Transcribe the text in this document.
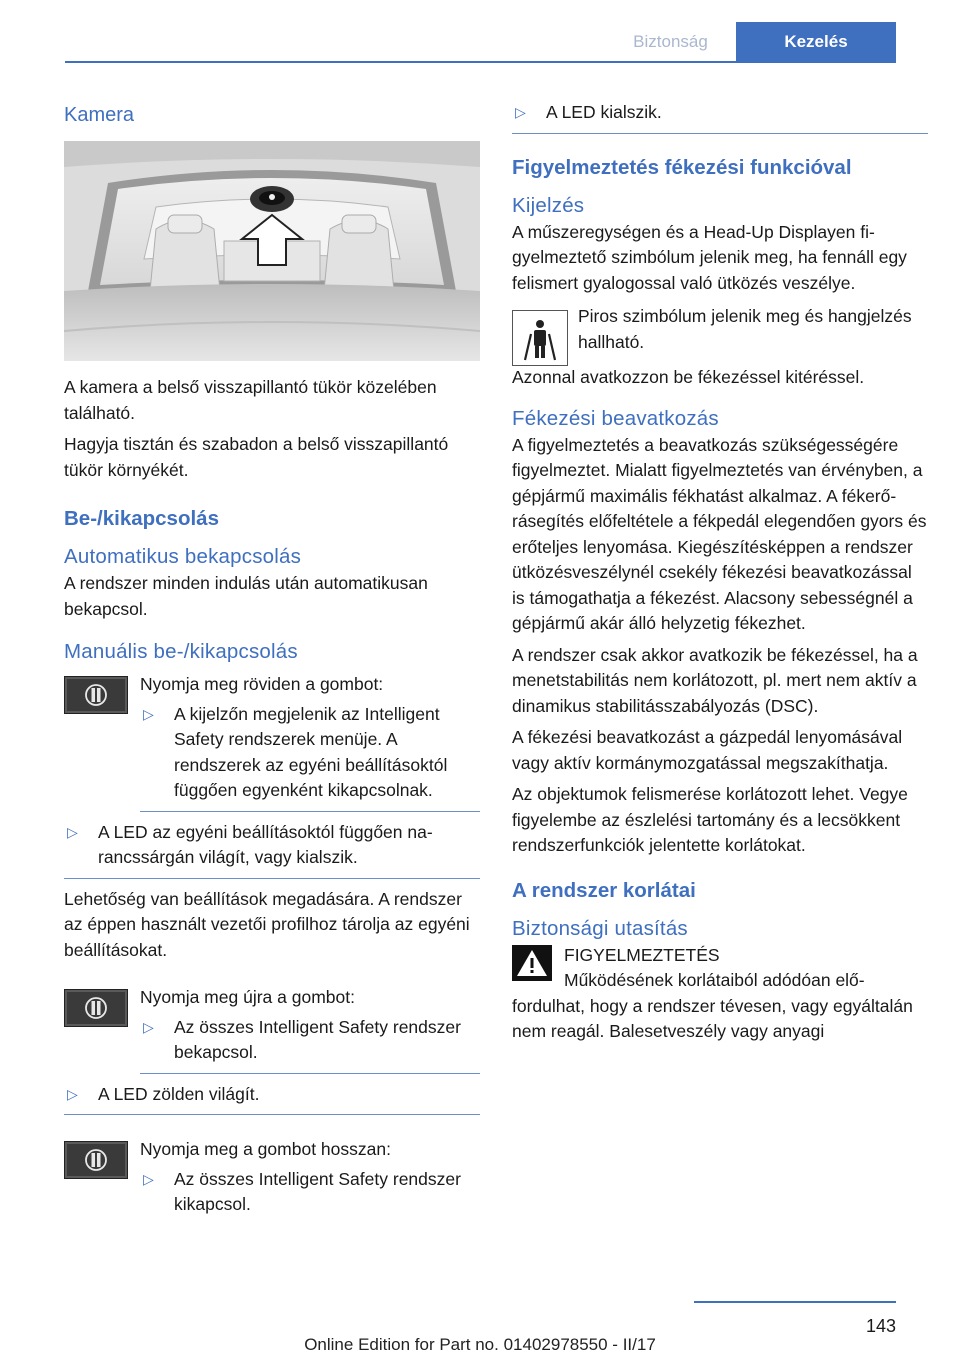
Biztonság	Kezelés
Kamera

A kamera a belső visszapillantó tükör közelében található.

Hagyja tisztán és szabadon a belső visszapillantó tükör környékét.

Be-/kikapcsolás
Automatikus bekapcsolás

A rendszer minden indulás után automatikusan bekapcsol.

Manuális be-/kikapcsolás

Nyomja meg röviden a gombot:

▷ A kijelzőn megjelenik az Intelligent Safety rendszerek menüje. A rendszerek az egyéni beállításoktól függően egyenként kikapcsolnak.
▷ A LED az egyéni beállításoktól függően narancssárgán világít, vagy kialszik.

Lehetőség van beállítások megadására. A rendszer az éppen használt vezetői profilhoz tárolja az egyéni beállításokat.

Nyomja meg újra a gombot:

▷ Az összes Intelligent Safety rendszer bekapcsol.
▷ A LED zölden világít.

Nyomja meg a gombot hosszan:

▷ Az összes Intelligent Safety rendszer kikapcsol.
▷ A LED kialszik.
Figyelmeztetés fékezési funkcióval
Kijelzés

A műszeregységen és a Head-Up Displayen figyelmeztető szimbólum jelenik meg, ha fennáll egy felismert gyalogossal való ütközés veszélye.

Piros szimbólum jelenik meg és hangjelzés hallható.

Azonnal avatkozzon be fékezéssel kitéréssel.

Fékezési beavatkozás

A figyelmeztetés a beavatkozás szükségességére figyelmeztet. Mialatt figyelmeztetés van érvényben, a gépjármű maximális fékhatást alkalmaz. A fékerő-rásegítés előfeltétele a fékpedál elegendően gyors és erőteljes lenyomása. Kiegészítésképpen a rendszer ütközésveszélynél csekély fékezési beavatkozással is támogathatja a fékezést. Alacsony sebességnél a gépjármű akár álló helyzetig fékezhet.

A rendszer csak akkor avatkozik be fékezéssel, ha a menetstabilitás nem korlátozott, pl. mert nem aktív a dinamikus stabilitásszabályozás (DSC).

A fékezési beavatkozást a gázpedál lenyomásával vagy aktív kormánymozgatással megszakíthatja.

Az objektumok felismerése korlátozott lehet. Vegye figyelembe az észlelési tartomány és a lecsökkent rendszerfunkciók jelentette korlátokat.

A rendszer korlátai
Biztonsági utasítás

FIGYELMEZTETÉS

Működésének korlátaiból adódóan előfordulhat, hogy a rendszer tévesen, vagy egyáltalán nem reagál. Balesetveszély vagy anyagi

143
Online Edition for Part no. 01402978550 - II/17
